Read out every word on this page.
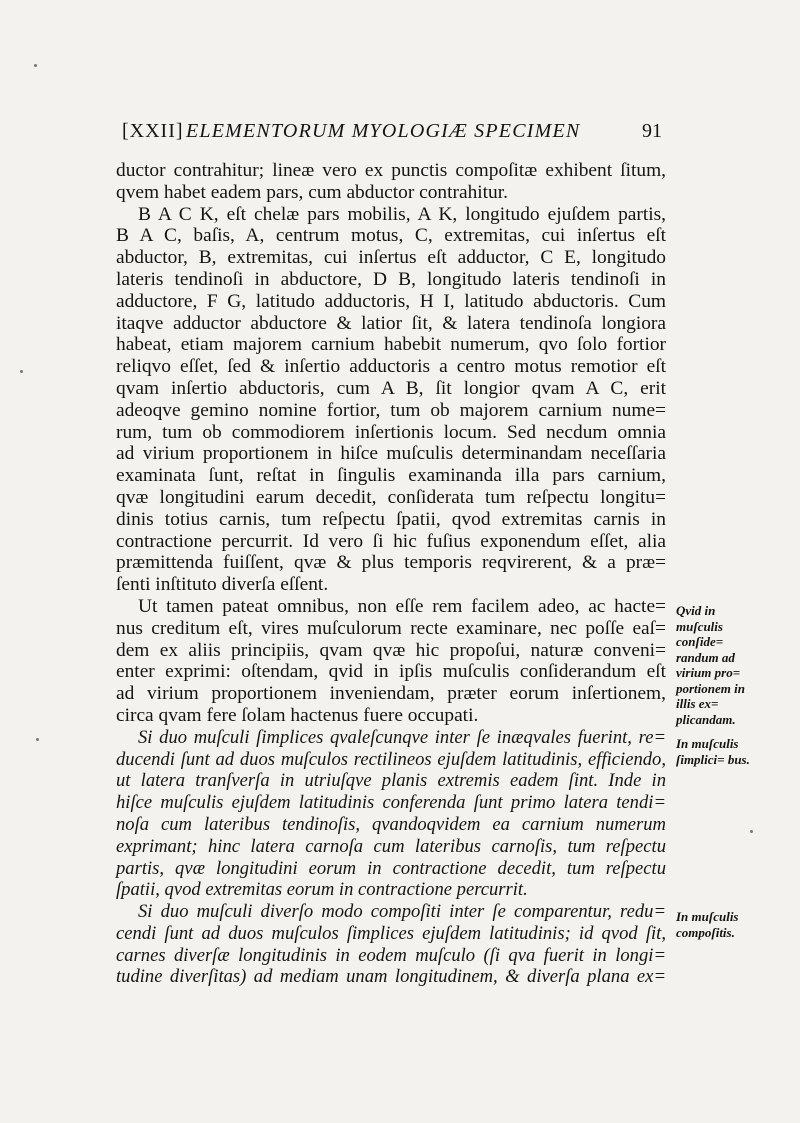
[XXII] ELEMENTORUM MYOLOGIÆ SPECIMEN	91
ductor contrahitur; lineæ vero ex punctis compoſitæ exhibent ſitum,
qvem habet eadem pars, cum abductor contrahitur.
B A C K, eſt chelæ pars mobilis, A K, longitudo ejuſdem partis,
B A C, baſis, A, centrum motus, C, extremitas, cui inſertus eſt
abductor, B, extremitas, cui inſertus eſt adductor, C E, longitudo
lateris tendinoſi in abductore, D B, longitudo lateris tendinoſi in
adductore, F G, latitudo adductoris, H I, latitudo abductoris. Cum
itaqve adductor abductore & latior ſit, & latera tendinoſa longiora
habeat, etiam majorem carnium habebit numerum, qvo ſolo fortior
reliqvo eſſet, ſed & inſertio adductoris a centro motus remotior eſt
qvam inſertio abductoris, cum A B, ſit longior qvam A C, erit
adeoqve gemino nomine fortior, tum ob majorem carnium nume=
rum, tum ob commodiorem inſertionis locum. Sed necdum omnia
ad virium proportionem in hiſce muſculis determinandam neceſſaria
examinata ſunt, reſtat in ſingulis examinanda illa pars carnium,
qvæ longitudini earum decedit, conſiderata tum reſpectu longitu=
dinis totius carnis, tum reſpectu ſpatii, qvod extremitas carnis in
contractione percurrit. Id vero ſi hic fuſius exponendum eſſet, alia
præmittenda fuiſſent, qvæ & plus temporis reqvirerent, & a præ=
ſenti inſtituto diverſa eſſent.
Ut tamen pateat omnibus, non eſſe rem facilem adeo, ac hacte=
nus creditum eſt, vires muſculorum recte examinare, nec poſſe eaſ=
dem ex aliis principiis, qvam qvæ hic propoſui, naturæ conveni=
enter exprimi: oſtendam, qvid in ipſis muſculis conſiderandum eſt
ad virium proportionem inveniendam, præter eorum inſertionem,
circa qvam fere ſolam hactenus fuere occupati.
Si duo muſculi ſimplices qvaleſcunqve inter ſe inæqvales fuerint, re=
ducendi ſunt ad duos muſculos rectilineos ejuſdem latitudinis, efficiendo,
ut latera tranſverſa in utriuſqve planis extremis eadem ſint. Inde in
hiſce muſculis ejuſdem latitudinis conferenda ſunt primo latera tendi=
noſa cum lateribus tendinoſis, qvandoqvidem ea carnium numerum
exprimant; hinc latera carnoſa cum lateribus carnoſis, tum reſpectu
partis, qvæ longitudini eorum in contractione decedit, tum reſpectu
ſpatii, qvod extremitas eorum in contractione percurrit.
Si duo muſculi diverſo modo compoſiti inter ſe comparentur, redu=
cendi ſunt ad duos muſculos ſimplices ejuſdem latitudinis; id qvod ſit,
carnes diverſæ longitudinis in eodem muſculo (ſi qva fuerit in longi=
tudine diverſitas) ad mediam unam longitudinem, & diverſa plana ex=
Qvid in muſculis conſide= randum ad virium pro= portionem in illis ex= plicandam.
In muſculis ſimplici= bus.
In muſculis compoſitis.
